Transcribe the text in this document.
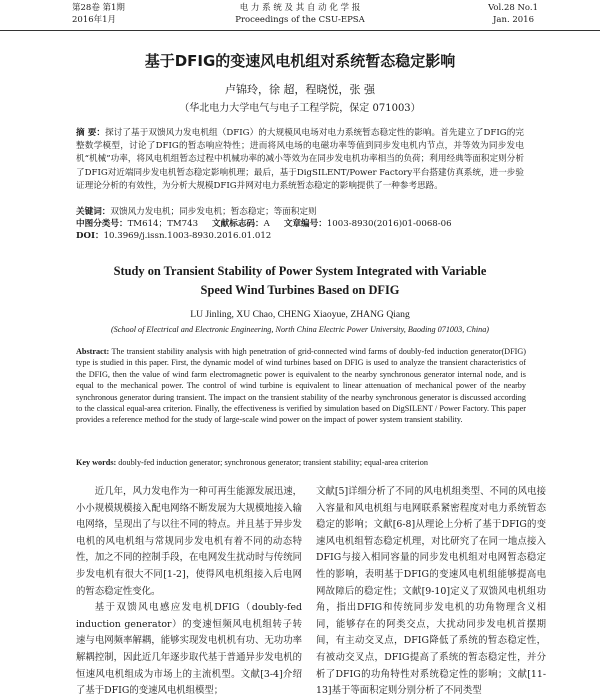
第28卷 第1期	电 力 系 统 及 其 自 动 化 学 报	Vol.28 No.1
2016年1月	Proceedings of the CSU-EPSA	Jan. 2016
基于DFIG的变速风电机组对系统暂态稳定影响
卢锦玲，徐 超，程晓悦，张 强
（华北电力大学电气与电子工程学院，保定 071003）
摘 要：探讨了基于双馈风力发电机组（DFIG）的大规模风电场对电力系统暂态稳定性的影响。首先建立了DFIG的完整数学模型，讨论了DFIG的暂态响应特性；进而将风电场的电磁功率等值到同步发电机内节点，并等效为同步发电机“机械”功率，将风电机组暂态过程中机械功率的减小等效为在同步发电机功率相当的负荷；利用经典等面积定则分析了DFIG对近端同步发电机暂态稳定影响机理；最后，基于DigSILENT/Power Factory平台搭建仿真系统，进一步验证理论分析的有效性，为分析大规模DFIG并网对电力系统暂态稳定的影响提供了一种参考思路。
关键词：双馈风力发电机；同步发电机；暂态稳定；等面积定则
中图分类号：TM614；TM743 文献标志码：A 文章编号：1003-8930(2016)01-0068-06
DOI：10.3969/j.issn.1003-8930.2016.01.012
Study on Transient Stability of Power System Integrated with Variable
Speed Wind Turbines Based on DFIG
LU Jinling, XU Chao, CHENG Xiaoyue, ZHANG Qiang
(School of Electrical and Electronic Engineering, North China Electric Power University, Baoding 071003, China)
Abstract: The transient stability analysis with high penetration of grid-connected wind farms of doubly-fed induction generator(DFIG) type is studied in this paper. First, the dynamic model of wind turbines based on DFIG is used to analyze the transient characteristics of the DFIG, then the value of wind farm electromagnetic power is equivalent to the nearby synchronous generator internal node, and is equal to the mechanical power. The control of wind turbine is equivalent to linear attenuation of mechanical power of the nearby synchronous generator during transient. The impact on the transient stability of the nearby synchronous generator is discussed according to the classical equal-area criterion. Finally, the effectiveness is verified by simulation based on DigSILENT / Power Factory. This paper provides a reference method for the study of large-scale wind power on the impact of power system transient stability.
Key words: doubly-fed induction generator; synchronous generator; transient stability; equal-area criterion

近几年，风力发电作为一种可再生能源发展迅速，小小规模规模接入配电网络不断发展为大规模地接入输电网络，呈现出了与以往不同的特点。并且基于异步发电机的风电机组与常规同步发电机有着不同的动态特性，加之不同的控制手段，在电网发生扰动时与传统同步发电机有很大不同[1-2]，使得风电机组接入后电网的暂态稳定性变化。

基于双馈风电感应发电机DFIG（doubly-fed induction generator）的变速恒频风电机组转子转速与电网频率解耦，能够实现发电机机有功、无功功率解耦控制，因此近几年逐步取代基于普通异步发电机的恒速风电机组成为市场上的主流机型。文献[3-4]介绍了基于DFIG的变速风电机组模型；

文献[5]详细分析了不同的风电机组类型、不同的风电接入容量和风电机组与电网联系紧密程度对电力系统暂态稳定的影响；文献[6-8]从理论上分析了基于DFIG的变速风电机组暂态稳定机理，对比研究了在同一地点接入DFIG与接入相同容量的同步发电机组对电网暂态稳定性的影响，表明基于DFIG的变速风电机组能够提高电网故障后的稳定性；文献[9-10]定义了双馈风电机组功角，指出DFIG和传统同步发电机的功角物理含义相同，能够存在的阿类交点，大扰动同步发电机首摆期间，有主动交叉点，DFIG降低了系统的暂态稳定性，有被动交叉点，DFIG提高了系统的暂态稳定性，并分析了DFIG的功角特性对系统稳定性的影响；文献[11-13]基于等面积定则分别分析了不同类型
